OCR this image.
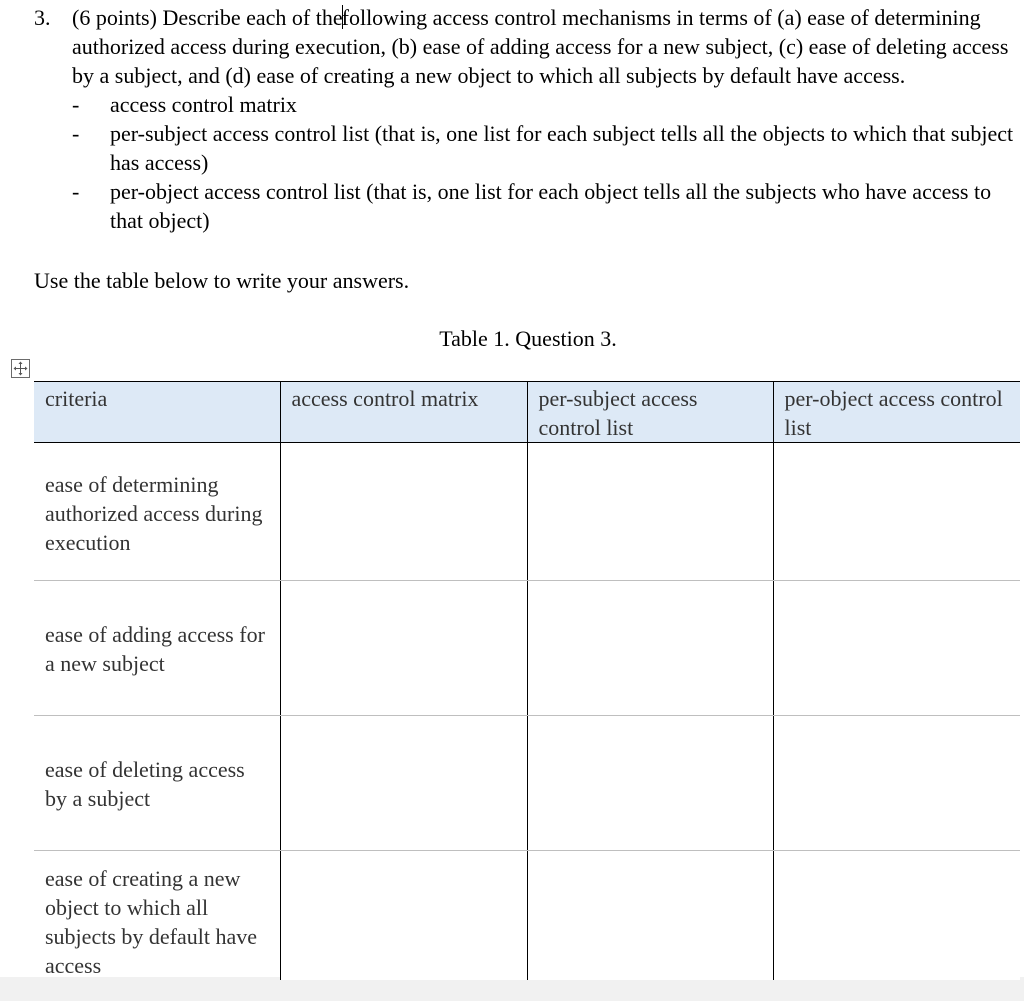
3. (6 points) Describe each of thefollowing access control mechanisms in terms of (a) ease of determining authorized access during execution, (b) ease of adding access for a new subject, (c) ease of deleting access by a subject, and (d) ease of creating a new object to which all subjects by default have access.
- access control matrix
- per-subject access control list (that is, one list for each subject tells all the objects to which that subject has access)
- per-object access control list (that is, one list for each object tells all the subjects who have access to that object)

Use the table below to write your answers.

Table 1. Question 3.
criteria	access control matrix	per-subject access control list	per-object access control list
ease of determining authorized access during execution			
ease of adding access for a new subject			
ease of deleting access by a subject			
ease of creating a new object to which all subjects by default have access			
